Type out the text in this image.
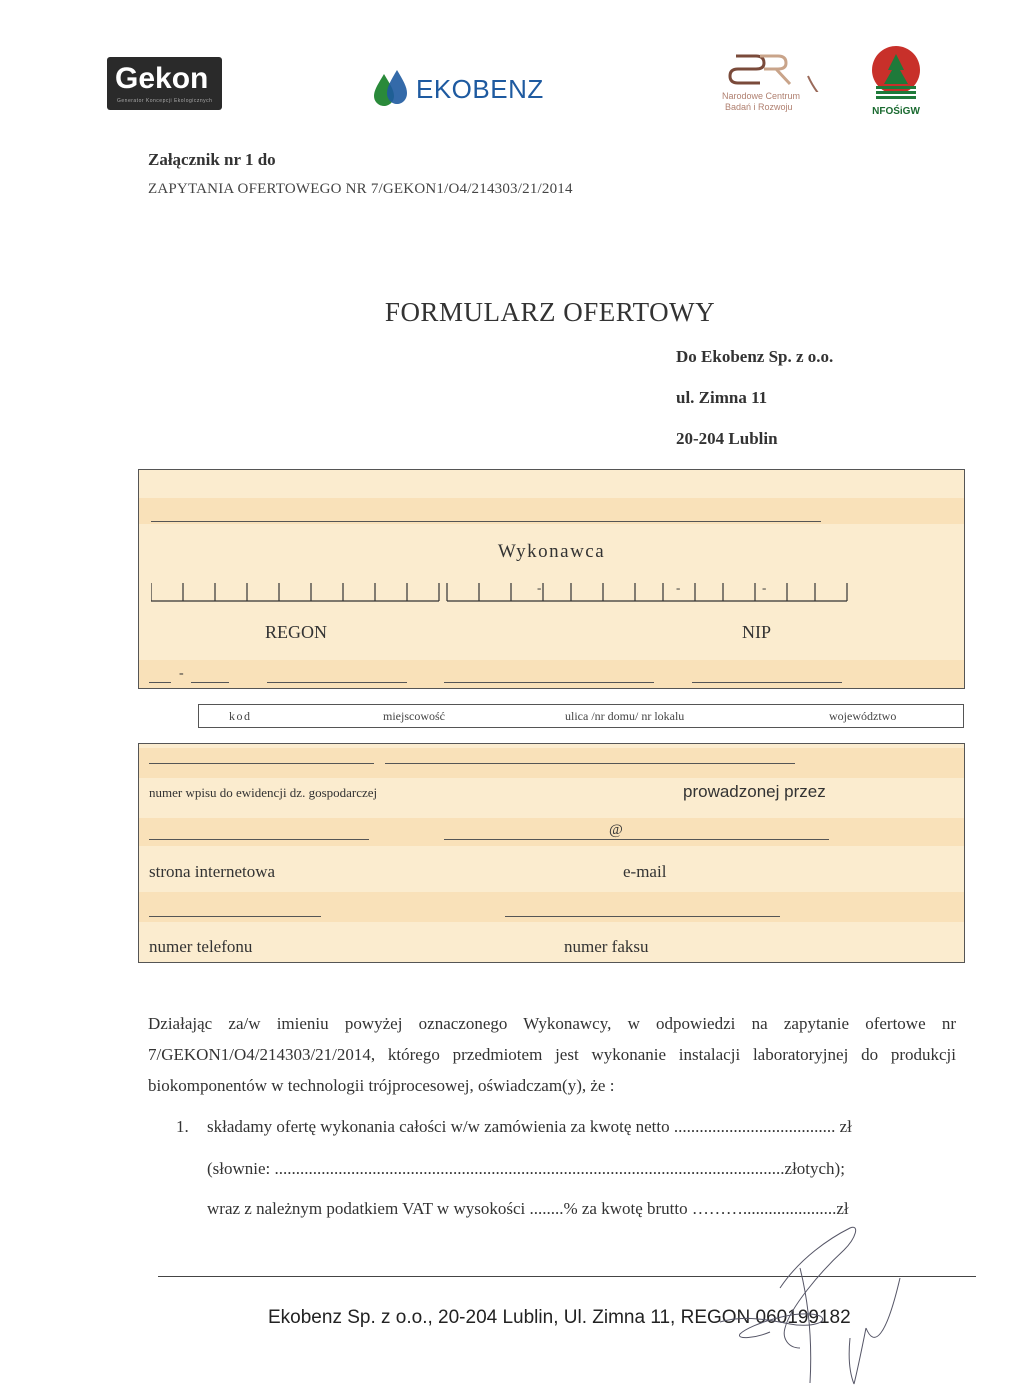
Gekon
Generator Koncepcji Ekologicznych	EKOBENZ	Narodowe Centrum
Badań i Rozwoju	NFOŚiGW
Załącznik nr 1 do
ZAPYTANIA OFERTOWEGO NR 7/GEKON1/O4/214303/21/2014
FORMULARZ OFERTOWY
Do Ekobenz Sp. z o.o.
ul. Zimna 11
20-204 Lublin
Wykonawca
-	-	-
REGON	NIP
-
kod	miejscowość	ulica /nr domu/ nr lokalu	województwo
numer wpisu do ewidencji dz. gospodarczej	prowadzonej przez
@
strona internetowa	e-mail
numer telefonu	numer faksu
Działając za/w imieniu powyżej oznaczonego Wykonawcy, w odpowiedzi na zapytanie ofertowe nr 7/GEKON1/O4/214303/21/2014, którego przedmiotem jest wykonanie instalacji laboratoryjnej do produkcji biokomponentów w technologii trójprocesowej, oświadczam(y), że :
1. składamy ofertę wykonania całości w/w zamówienia za kwotę netto ...................................... zł
(słownie: ........................................................................................................................złotych);
wraz z należnym podatkiem VAT w wysokości ........% za kwotę brutto ………......................zł
Ekobenz Sp. z o.o., 20-204 Lublin, Ul. Zimna 11, REGON 060199182
